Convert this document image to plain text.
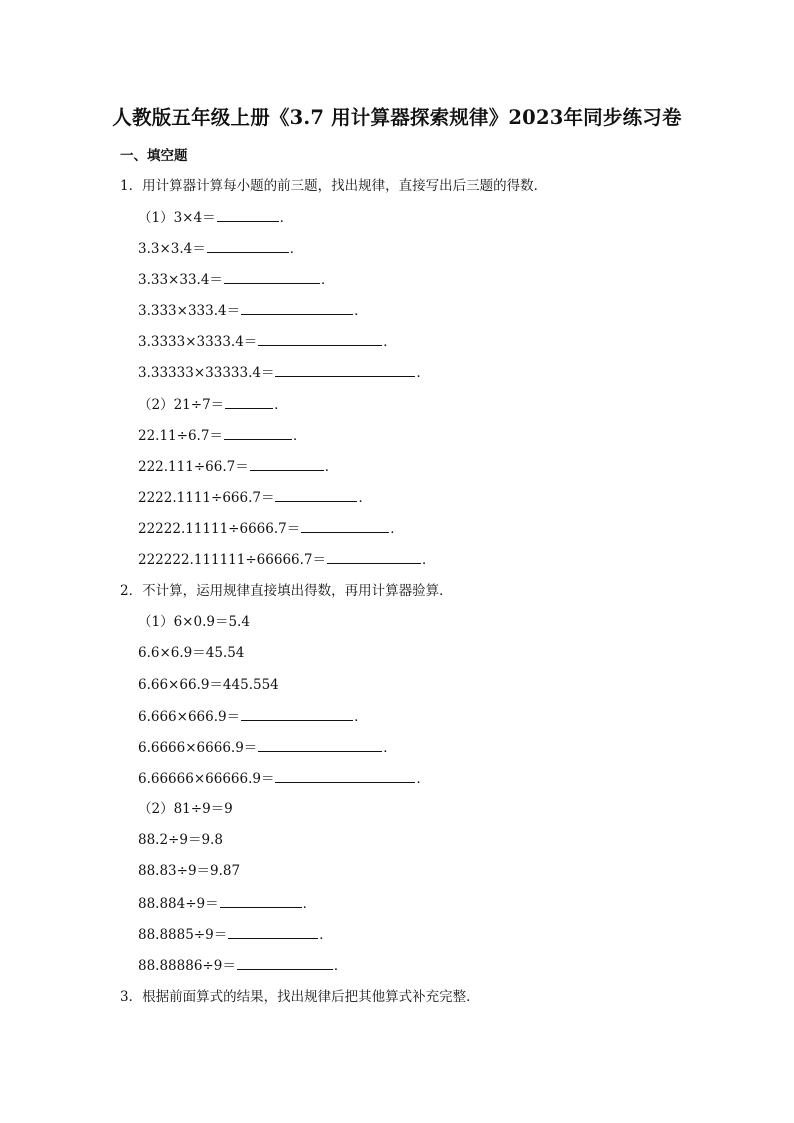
人教版五年级上册《3.7 用计算器探索规律》2023年同步练习卷
一、填空题
1．用计算器计算每小题的前三题，找出规律，直接写出后三题的得数．
（1）3×4＝	．
3.3×3.4＝	．
3.33×33.4＝	．
3.333×333.4＝	．
3.3333×3333.4＝	．
3.33333×33333.4＝	．
（2）21÷7＝	．
22.11÷6.7＝	．
222.111÷66.7＝	．
2222.1111÷666.7＝	．
22222.11111÷6666.7＝	．
222222.111111÷66666.7＝	．
2．不计算，运用规律直接填出得数，再用计算器验算．
（1）6×0.9＝5.4
6.6×6.9＝45.54
6.66×66.9＝445.554
6.666×666.9＝	．
6.6666×6666.9＝	．
6.66666×66666.9＝	．
（2）81÷9＝9
88.2÷9＝9.8
88.83÷9＝9.87
88.884÷9＝	．
88.8885÷9＝	．
88.88886÷9＝	．
3．根据前面算式的结果，找出规律后把其他算式补充完整．
